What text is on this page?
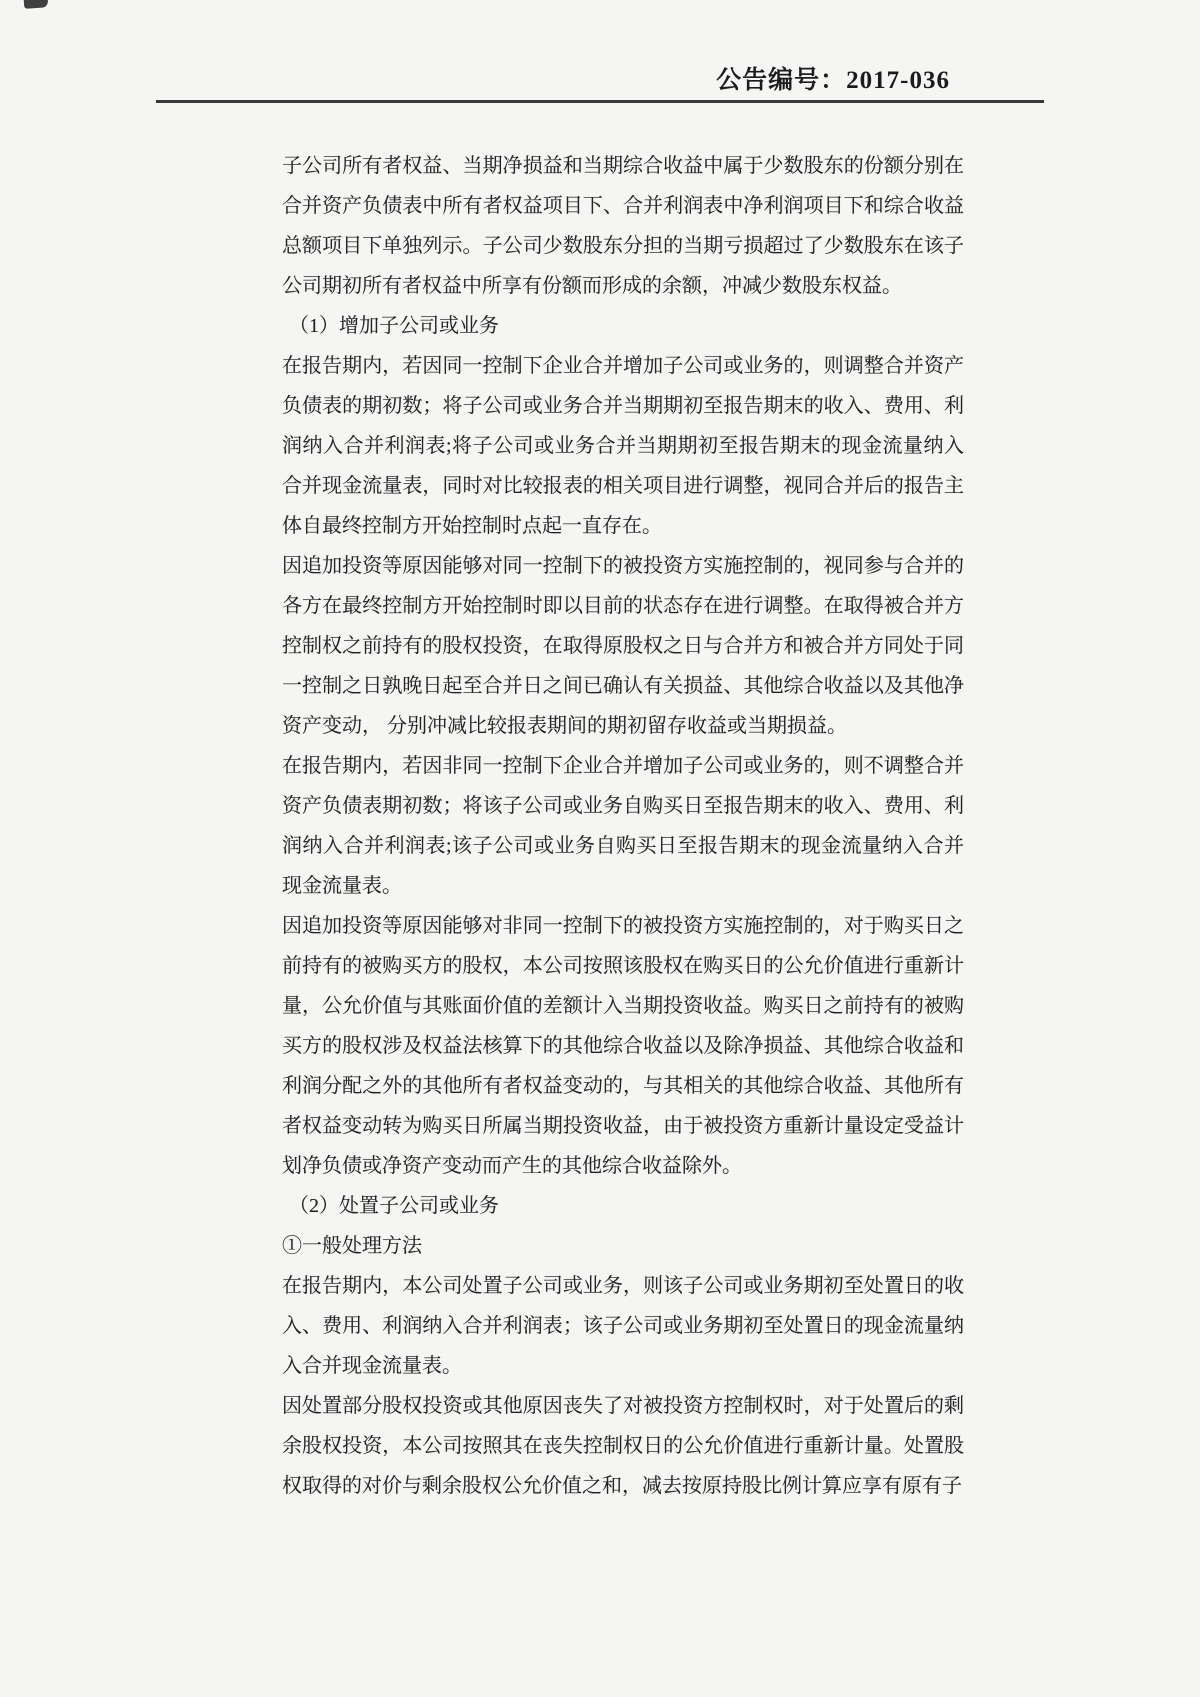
公告编号：2017-036

子公司所有者权益、当期净损益和当期综合收益中属于少数股东的份额分别在合并资产负债表中所有者权益项目下、合并利润表中净利润项目下和综合收益总额项目下单独列示。子公司少数股东分担的当期亏损超过了少数股东在该子公司期初所有者权益中所享有份额而形成的余额，冲减少数股东权益。

（1）增加子公司或业务

在报告期内，若因同一控制下企业合并增加子公司或业务的，则调整合并资产负债表的期初数；将子公司或业务合并当期期初至报告期末的收入、费用、利润纳入合并利润表;将子公司或业务合并当期期初至报告期末的现金流量纳入合并现金流量表，同时对比较报表的相关项目进行调整，视同合并后的报告主体自最终控制方开始控制时点起一直存在。

因追加投资等原因能够对同一控制下的被投资方实施控制的，视同参与合并的各方在最终控制方开始控制时即以目前的状态存在进行调整。在取得被合并方控制权之前持有的股权投资，在取得原股权之日与合并方和被合并方同处于同一控制之日孰晚日起至合并日之间已确认有关损益、其他综合收益以及其他净资产变动， 分别冲减比较报表期间的期初留存收益或当期损益。

在报告期内，若因非同一控制下企业合并增加子公司或业务的，则不调整合并资产负债表期初数；将该子公司或业务自购买日至报告期末的收入、费用、利润纳入合并利润表;该子公司或业务自购买日至报告期末的现金流量纳入合并现金流量表。

因追加投资等原因能够对非同一控制下的被投资方实施控制的，对于购买日之前持有的被购买方的股权，本公司按照该股权在购买日的公允价值进行重新计量，公允价值与其账面价值的差额计入当期投资收益。购买日之前持有的被购买方的股权涉及权益法核算下的其他综合收益以及除净损益、其他综合收益和利润分配之外的其他所有者权益变动的，与其相关的其他综合收益、其他所有者权益变动转为购买日所属当期投资收益，由于被投资方重新计量设定受益计划净负债或净资产变动而产生的其他综合收益除外。

（2）处置子公司或业务

①一般处理方法

在报告期内，本公司处置子公司或业务，则该子公司或业务期初至处置日的收入、费用、利润纳入合并利润表；该子公司或业务期初至处置日的现金流量纳入合并现金流量表。

因处置部分股权投资或其他原因丧失了对被投资方控制权时，对于处置后的剩余股权投资，本公司按照其在丧失控制权日的公允价值进行重新计量。处置股权取得的对价与剩余股权公允价值之和，减去按原持股比例计算应享有原有子
